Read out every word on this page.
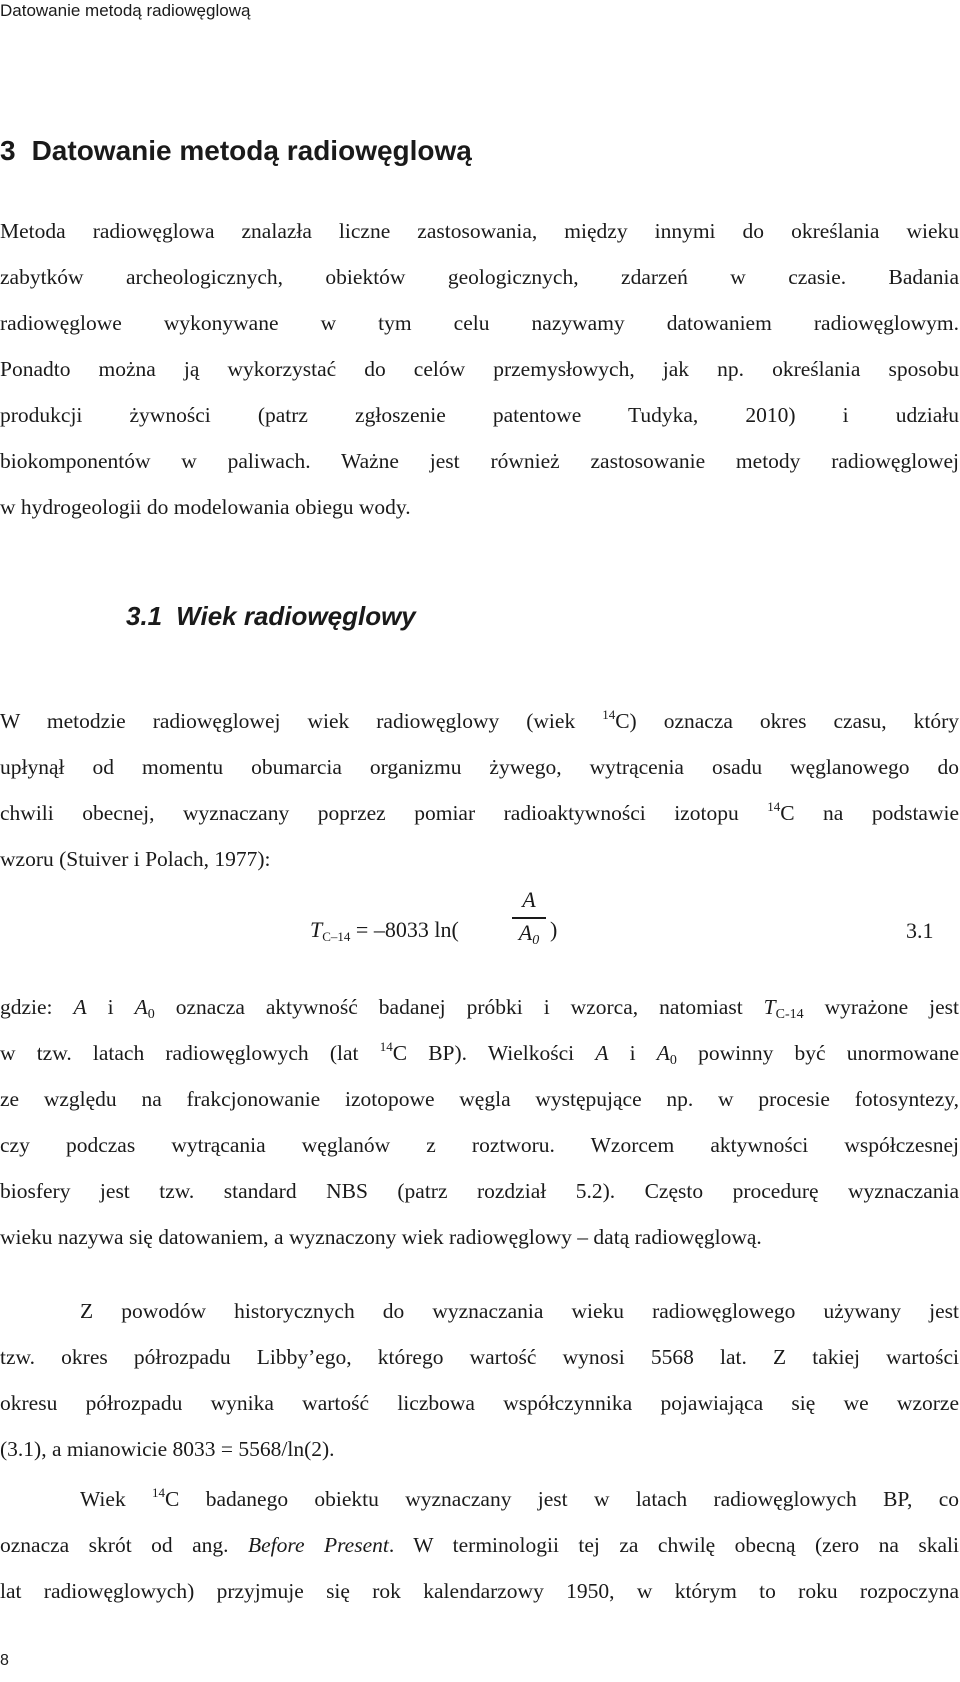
Datowanie metodą radiowęglową
3 Datowanie metodą radiowęglową
Metoda radiowęglowa znalazła liczne zastosowania, między innymi do określania wieku
zabytków archeologicznych, obiektów geologicznych, zdarzeń w czasie. Badania
radiowęglowe wykonywane w tym celu nazywamy datowaniem radiowęglowym.
Ponadto można ją wykorzystać do celów przemysłowych, jak np. określania sposobu
produkcji żywności (patrz zgłoszenie patentowe Tudyka, 2010) i udziału
biokomponentów w paliwach. Ważne jest również zastosowanie metody radiowęglowej
w hydrogeologii do modelowania obiegu wody.
3.1 Wiek radiowęglowy
W metodzie radiowęglowej wiek radiowęglowy (wiek $^{14}$C) oznacza okres czasu, który
upłynął od momentu obumarcia organizmu żywego, wytrącenia osadu węglanowego do
chwili obecnej, wyznaczany poprzez pomiar radioaktywności izotopu $^{14}$C na podstawie
wzoru (Stuiver i Polach, 1977):
TC–14 = –8033 ln(
A
$A_0$ )	3.1
gdzie: A i $A_0$ oznacza aktywność badanej próbki i wzorca, natomiast $T_{C-14}$ wyrażone jest
w tzw. latach radiowęglowych (lat $^{14}$C BP). Wielkości A i $A_0$ powinny być unormowane
ze względu na frakcjonowanie izotopowe węgla występujące np. w procesie fotosyntezy,
czy podczas wytrącania węglanów z roztworu. Wzorcem aktywności współczesnej
biosfery jest tzw. standard NBS (patrz rozdział 5.2). Często procedurę wyznaczania
wieku nazywa się datowaniem, a wyznaczony wiek radiowęglowy – datą radiowęglową.
Z powodów historycznych do wyznaczania wieku radiowęglowego używany jest
tzw. okres półrozpadu Libby’ego, którego wartość wynosi 5568 lat. Z takiej wartości
okresu półrozpadu wynika wartość liczbowa współczynnika pojawiająca się we wzorze
(3.1), a mianowicie 8033 = 5568/ln(2).
Wiek $^{14}$C badanego obiektu wyznaczany jest w latach radiowęglowych BP, co
oznacza skrót od ang. Before Present. W terminologii tej za chwilę obecną (zero na skali
lat radiowęglowych) przyjmuje się rok kalendarzowy 1950, w którym to roku rozpoczyna
8
